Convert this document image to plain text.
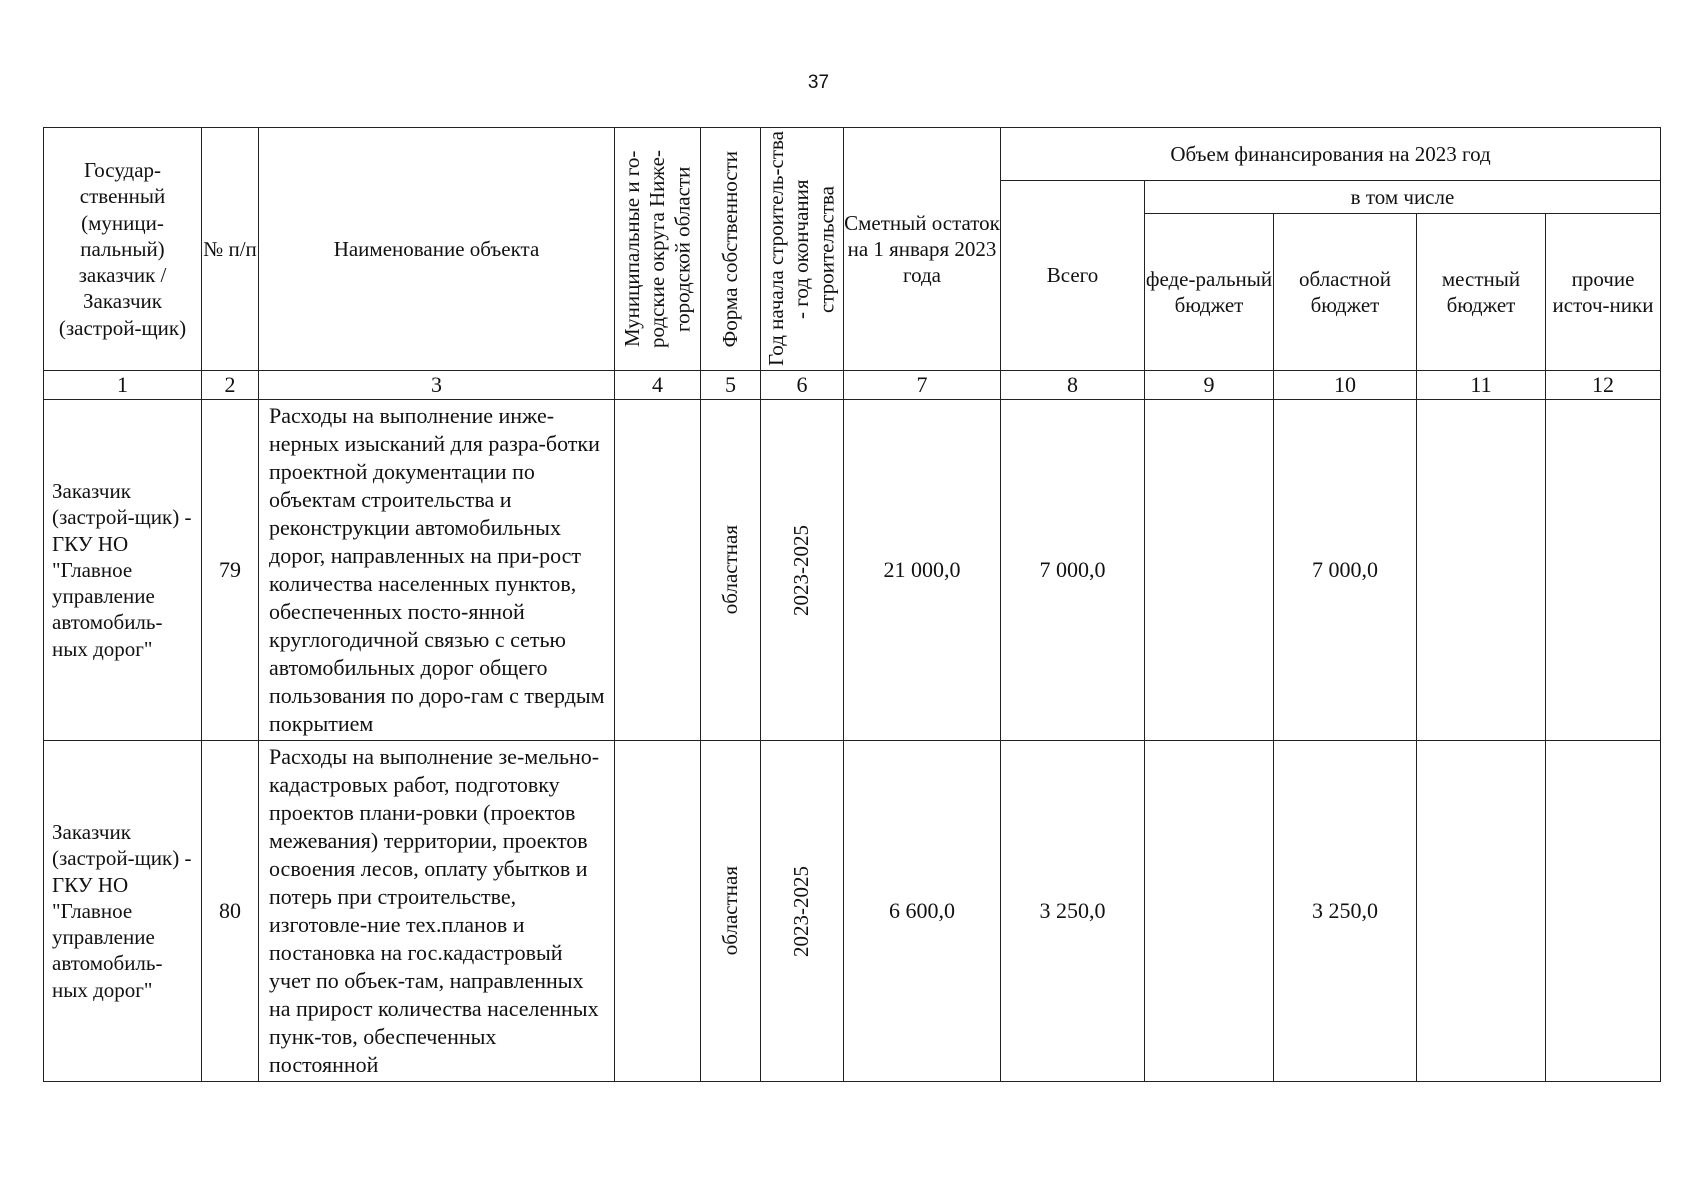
37
Государ-ственный (муници-пальный) заказчик / Заказчик (застрой-щик)	№ п/п	Наименование объекта	Муниципальные и го-родские округа Ниже-городской области	Форма собственности	Год начала строитель-ства - год окончания строительства	Сметный остаток на 1 января 2023 года	Объем финансирования на 2023 год				
							Всего	в том числе			
								феде-ральный бюджет	областной бюджет	местный бюджет	прочие источ-ники
1	2	3	4	5	6	7	8	9	10	11	12
Заказчик (застрой-щик) - ГКУ НО "Главное управление автомобиль-ных дорог"	79	Расходы на выполнение инже-нерных изысканий для разра-ботки проектной документации по объектам строительства и реконструкции автомобильных дорог, направленных на при-рост количества населенных пунктов, обеспеченных посто-янной круглогодичной связью с сетью автомобильных дорог общего пользования по доро-гам с твердым покрытием		областная	2023-2025	21 000,0	7 000,0		7 000,0		
Заказчик (застрой-щик) - ГКУ НО "Главное управление автомобиль-ных дорог"	80	Расходы на выполнение зе-мельно-кадастровых работ, подготовку проектов плани-ровки (проектов межевания) территории, проектов освоения лесов, оплату убытков и потерь при строительстве, изготовле-ние тех.планов и постановка на гос.кадастровый учет по объек-там, направленных на прирост количества населенных пунк-тов, обеспеченных постоянной		областная	2023-2025	6 600,0	3 250,0		3 250,0		
